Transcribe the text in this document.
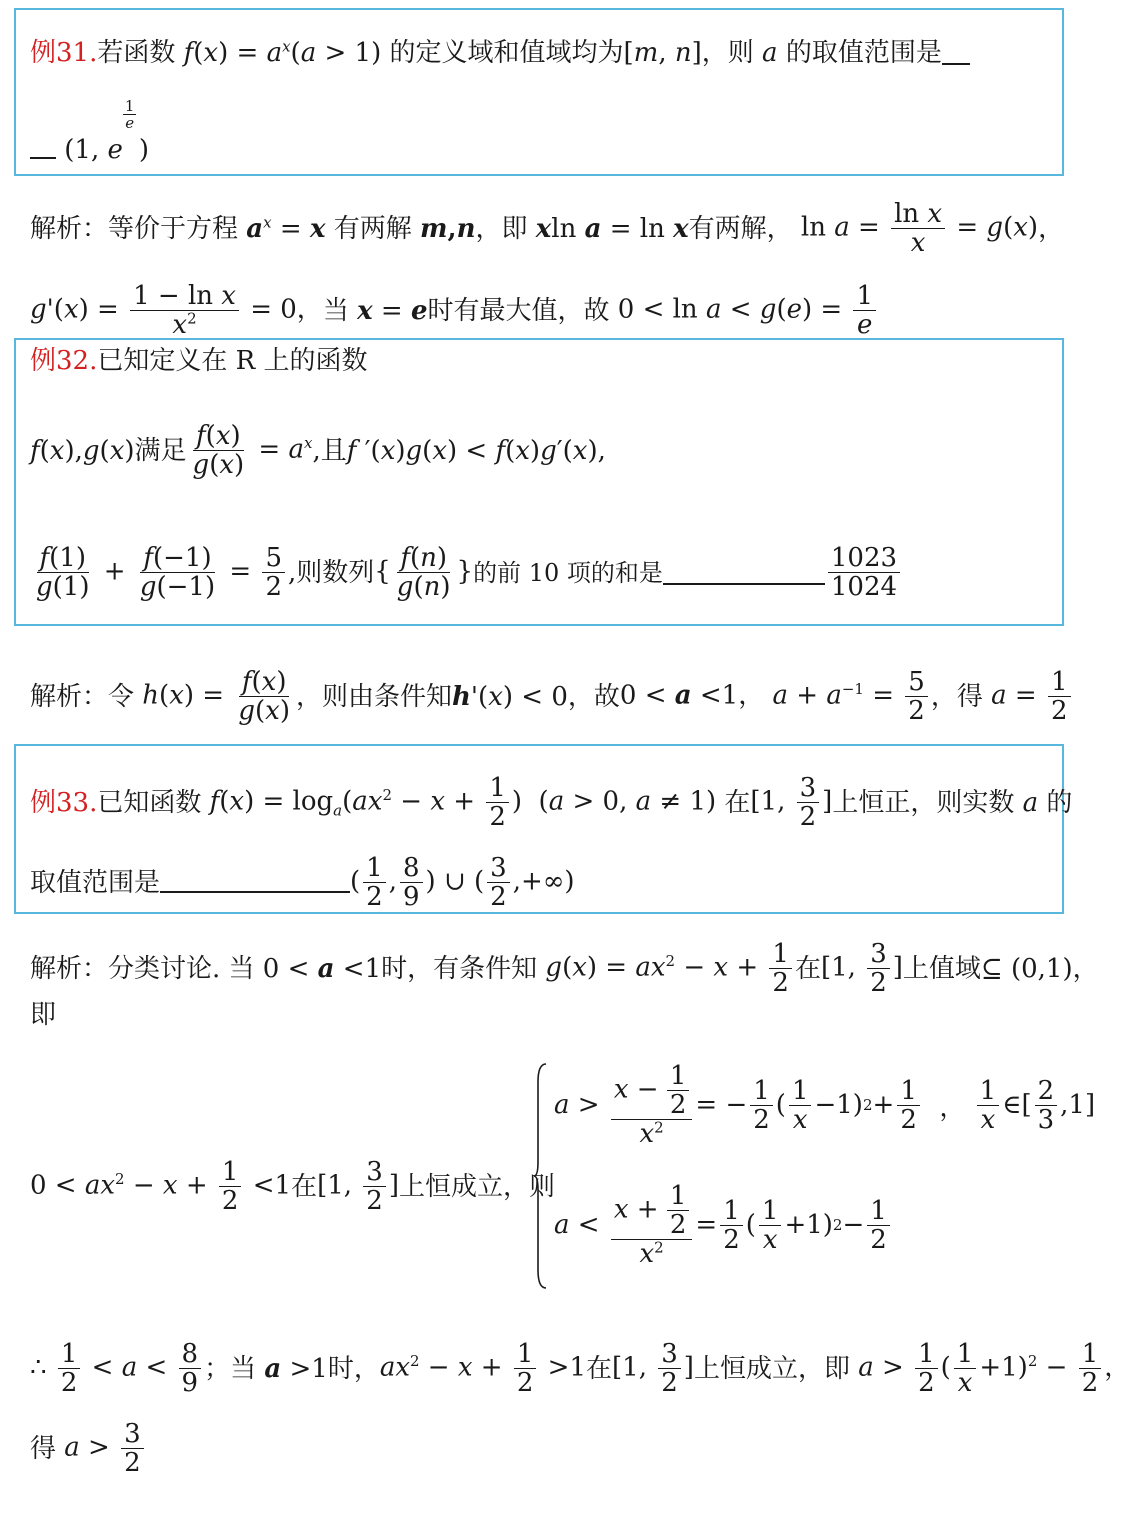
例31. 若函数 $f(x) = a^x(a > 1)$ 的定义域和值域均为 [m, n] ，则 a 的取值范围是
(1, e
1
e
)
解析： 等价于方程 $a^x = x$ 有两解 m,n ，即 xln a = ln x 有两解， $\ln a = \frac{\text{ln x}}{x} = g(x)$ ，
$g'(x) = \frac{\text{1 − ln x}}{x^2} = 0$， 当 x = e 时有最大值，故 $0 < \ln a < g(e) = \frac{1}{e}$
例32. 已知定义在 R 上的函数
f(x),g(x) 满足 $\frac{f(x)}{g(x)} = a^x$ ,且 f ′(x)g(x) < f(x)g′(x),
$\frac{f(1)}{g(1)} + \frac{f(-1)}{g(-1)} = \frac{5}{2}$ ,则数列 { $\frac{f(n)}{g(n)}$ } 的前 10 项的和是	$\frac{1023}{1024}$
解析： 令 $h(x) = \frac{f(x)}{g(x)}$ ，则由条件知 h'(x) < 0 ，故 0 < a <1， $a + a^{-1} = \frac{5}{2}$ ，得 $a = \frac{1}{2}$
例33. 已知函数 $f(x) = \log_a(ax^2 - x + \frac{1}{2}$ )  (a > 0, a ≠ 1) 在 [1, $\frac{3}{2}$ ] 上恒正，则实数 a 的
取值范围是	( $\frac{1}{2}$ , $\frac{8}{9}$ ) ∪ ( $\frac{3}{2}$ ,+∞)
解析： 分类讨论. 当 0 < a <1 时，有条件知 $g(x) = ax^2 - x + \frac{1}{2}$ 在 [1, $\frac{3}{2}$ ] 上值域 ⊆ (0,1)，
即
$0 < ax^2 - x + \frac{1}{2} <1$ 在 [1, $\frac{3}{2}$ ] 上恒成立，则
$a > \frac{x - \frac{1}{2}}{x^2}$ = − $\frac{1}{2}$ ( $\frac{1}{x} -1$) $2 + \frac{1}{2}$ ， $\frac{1}{x}$ ∈[ $\frac{2}{3} ,1$]
$a < \frac{x + \frac{1}{2}}{x^2} = \frac{1}{2}$ ( $\frac{1}{x} +1$) $2 - \frac{1}{2}$
∴ $\frac{1}{2} < a < \frac{8}{9}$ ；当 a >1 时， $ax^2 - x + \frac{1}{2} >1$ 在 [1, $\frac{3}{2}$ ] 上恒成立，即 $a > \frac{1}{2}$ ( $\frac{1}{x} +1)^2 - \frac{1}{2}$ ，
得 $a > \frac{3}{2}$
